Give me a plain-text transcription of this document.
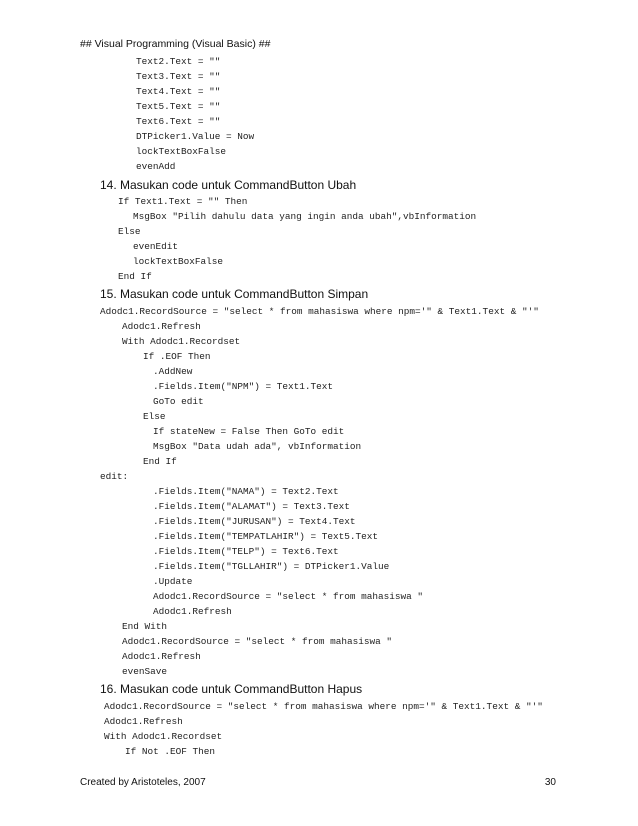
## Visual Programming (Visual Basic) ##
Text2.Text = ""
Text3.Text = ""
Text4.Text = ""
Text5.Text = ""
Text6.Text = ""
DTPicker1.Value = Now
lockTextBoxFalse
evenAdd
14. Masukan code untuk CommandButton Ubah
If Text1.Text = "" Then
MsgBox "Pilih dahulu data yang ingin anda ubah",vbInformation
Else
evenEdit
lockTextBoxFalse
End If
15. Masukan code untuk CommandButton Simpan
Adodc1.RecordSource = "select * from mahasiswa where npm='" & Text1.Text & "'"
Adodc1.Refresh
With Adodc1.Recordset
If .EOF Then
.AddNew
.Fields.Item("NPM") = Text1.Text
GoTo edit
Else
If stateNew = False Then GoTo edit
MsgBox "Data udah ada", vbInformation
End If
edit:
.Fields.Item("NAMA") = Text2.Text
.Fields.Item("ALAMAT") = Text3.Text
.Fields.Item("JURUSAN") = Text4.Text
.Fields.Item("TEMPATLAHIR") = Text5.Text
.Fields.Item("TELP") = Text6.Text
.Fields.Item("TGLLAHIR") = DTPicker1.Value
.Update
Adodc1.RecordSource = "select * from mahasiswa "
Adodc1.Refresh
End With
Adodc1.RecordSource = "select * from mahasiswa "
Adodc1.Refresh
evenSave
16. Masukan code untuk CommandButton Hapus
Adodc1.RecordSource = "select * from mahasiswa where npm='" & Text1.Text & "'"
Adodc1.Refresh
With Adodc1.Recordset
If Not .EOF Then
Created by Aristoteles, 2007	30
